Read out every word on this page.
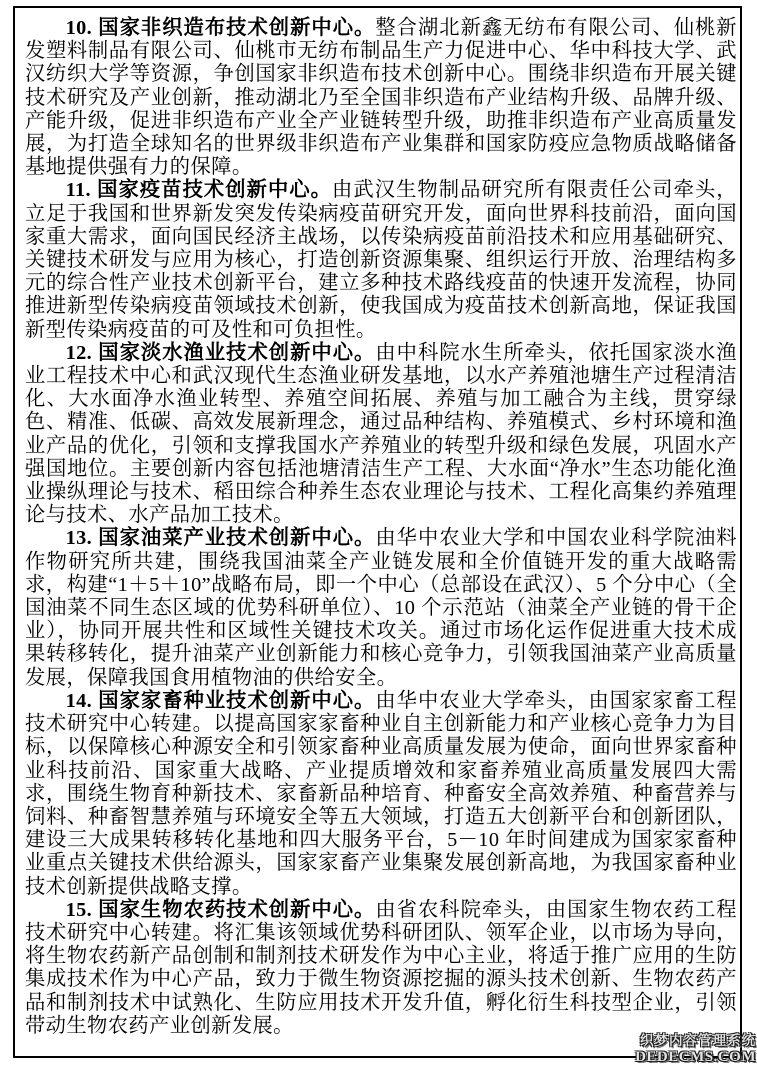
10. 国家非织造布技术创新中心。整合湖北新鑫无纺布有限公司、仙桃新发塑料制品有限公司、仙桃市无纺布制品生产力促进中心、华中科技大学、武汉纺织大学等资源，争创国家非织造布技术创新中心。围绕非织造布开展关键技术研究及产业创新，推动湖北乃至全国非织造布产业结构升级、品牌升级、产能升级，促进非织造布产业全产业链转型升级，助推非织造布产业高质量发展，为打造全球知名的世界级非织造布产业集群和国家防疫应急物质战略储备基地提供强有力的保障。

11. 国家疫苗技术创新中心。由武汉生物制品研究所有限责任公司牵头，立足于我国和世界新发突发传染病疫苗研究开发，面向世界科技前沿，面向国家重大需求，面向国民经济主战场，以传染病疫苗前沿技术和应用基础研究、关键技术研发与应用为核心，打造创新资源集聚、组织运行开放、治理结构多元的综合性产业技术创新平台，建立多种技术路线疫苗的快速开发流程，协同推进新型传染病疫苗领域技术创新，使我国成为疫苗技术创新高地，保证我国新型传染病疫苗的可及性和可负担性。

12. 国家淡水渔业技术创新中心。由中科院水生所牵头，依托国家淡水渔业工程技术中心和武汉现代生态渔业研发基地，以水产养殖池塘生产过程清洁化、大水面净水渔业转型、养殖空间拓展、养殖与加工融合为主线，贯穿绿色、精准、低碳、高效发展新理念，通过品种结构、养殖模式、乡村环境和渔业产品的优化，引领和支撑我国水产养殖业的转型升级和绿色发展，巩固水产强国地位。主要创新内容包括池塘清洁生产工程、大水面“净水”生态功能化渔业操纵理论与技术、稻田综合种养生态农业理论与技术、工程化高集约养殖理论与技术、水产品加工技术。

13. 国家油菜产业技术创新中心。由华中农业大学和中国农业科学院油料作物研究所共建，围绕我国油菜全产业链发展和全价值链开发的重大战略需求，构建“1＋5＋10”战略布局，即一个中心（总部设在武汉）、5 个分中心（全国油菜不同生态区域的优势科研单位）、10 个示范站（油菜全产业链的骨干企业），协同开展共性和区域性关键技术攻关。通过市场化运作促进重大技术成果转移转化，提升油菜产业创新能力和核心竞争力，引领我国油菜产业高质量发展，保障我国食用植物油的供给安全。

14. 国家家畜种业技术创新中心。由华中农业大学牵头，由国家家畜工程技术研究中心转建。以提高国家家畜种业自主创新能力和产业核心竞争力为目标，以保障核心种源安全和引领家畜种业高质量发展为使命，面向世界家畜种业科技前沿、国家重大战略、产业提质增效和家畜养殖业高质量发展四大需求，围绕生物育种新技术、家畜新品种培育、种畜安全高效养殖、种畜营养与饲料、种畜智慧养殖与环境安全等五大领域，打造五大创新平台和创新团队，建设三大成果转移转化基地和四大服务平台，5－10 年时间建成为国家家畜种业重点关键技术供给源头，国家家畜产业集聚发展创新高地，为我国家畜种业技术创新提供战略支撑。

15. 国家生物农药技术创新中心。由省农科院牵头，由国家生物农药工程技术研究中心转建。将汇集该领域优势科研团队、领军企业，以市场为导向，将生物农药新产品创制和制剂技术研发作为中心主业，将适于推广应用的生防集成技术作为中心产品，致力于微生物资源挖掘的源头技术创新、生物农药产品和制剂技术中试熟化、生防应用技术开发升值，孵化衍生科技型企业，引领带动生物农药产业创新发展。

织梦内容管理系统
DEDECMS.COM
